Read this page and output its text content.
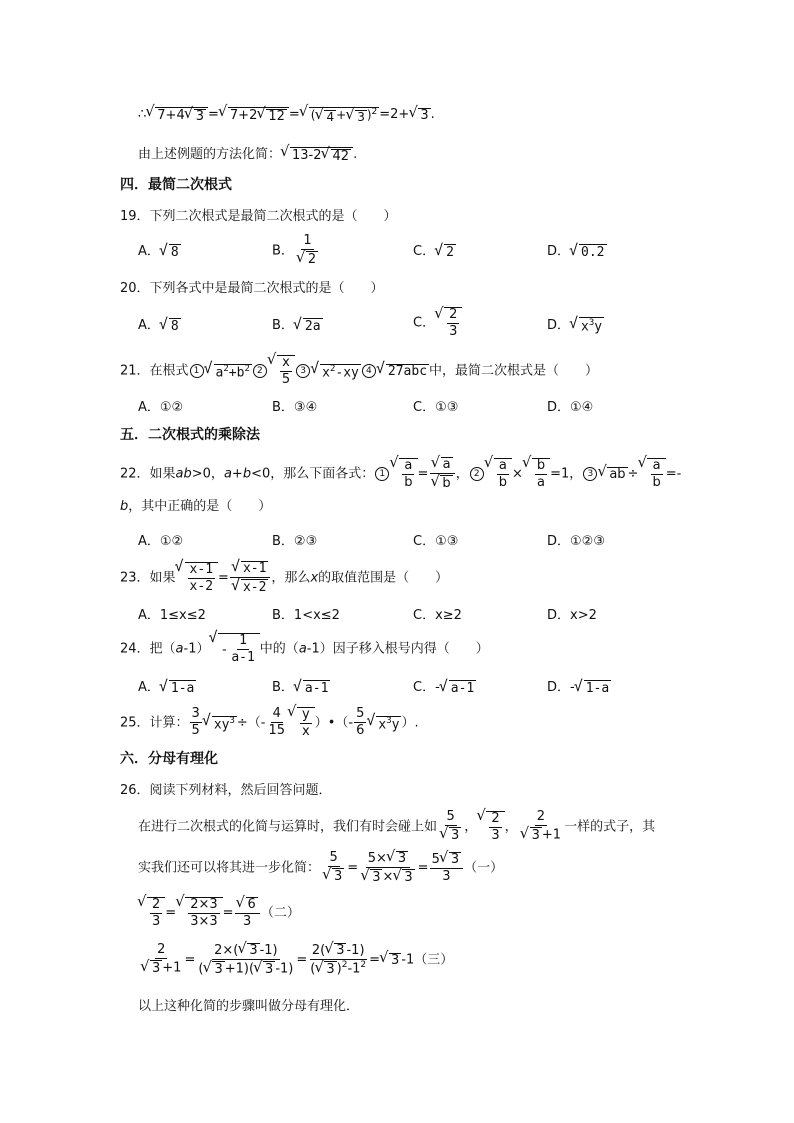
∴√ 7+4√ 3 =√ 7+2√ 12 =√ (√ 4 +√ 3 )$^2$ =2+√ 3 .
由上述例题的方法化简：√ 13-2√ 42 .
四．最简二次根式
19．下列二次根式是最简二次根式的是（　　）
A．√ 8	B． 1
√ 2	C．√ 2	D．√ 0.2
20．下列各式中是最简二次根式的是（　　）
A．√ 8	B．√ 2a	C．
√ $\frac{2}{3}$	D．√ $x^3y$
21．在根式 1√ $a^2+b^2$ 2
√ $\frac{x}{5} 3√$ $x^2-xy$ 4√ 27abc 中，最简二次根式是（　　）
A．①②	B．③④	C．①③	D．①④
五．二次根式的乘除法
22．如果ab>0，a+b<0，那么下面各式： 1
√ $\frac{a}{b}$ =
√ a
√ b ， 2
√ $\frac{a}{b}$ ×
√ $\frac{b}{a} =1$， 3√ ab ÷
√ $\frac{a}{b}$ =-
b，其中正确的是（　　）
A．①②	B．②③	C．①③	D．①②③
23．如果
√ $\frac{x-1}{x-2}$ =
√ x-1
√ x-2 ，那么x的取值范围是（　　）
A．1≤x≤2	B．1<x≤2	C．x≥2	D．x>2
24．把$(a-1)√ - \frac{1}{a-1}$ 中的（a-1）因子移入根号内得（　　）
A．√ 1-a	B．√ a-1	C．-√ a-1	D．-√ 1-a
25．计算： $\frac{3}{5}$
√ $xy^3$ ÷（- $\frac{4}{15}$
√ $\frac{y}{x}$ ）•（- $\frac{5}{6}$
√ $x^3y$ ）.
六．分母有理化
26．阅读下列材料，然后回答问题．
在进行二次根式的化简与运算时，我们有时会碰上如 5
√ 3 ，
√ $\frac{2}{3}$ ， 2
√ 3 +1 一样的式子，其
实我们还可以将其进一步化简： 5
√ 3 = 5×√ 3
√ 3 ×√ $3 = \frac{5√ 3}{3}$ （一）
√ $\frac{2}{3}$ =
√ $\frac{2\times 3}{3\times 3}$ =
√ $\frac{6}{3}$ （二）
2
√ $3 +1 = \frac{2\times(√ 3 -1)}{(√ 3 +1)(√ 3 -1)} = \frac{2(√ 3 -1)}{(√ 3 )^2-1^2}$ =√ 3 -1（三）
以上这种化简的步骤叫做分母有理化．
